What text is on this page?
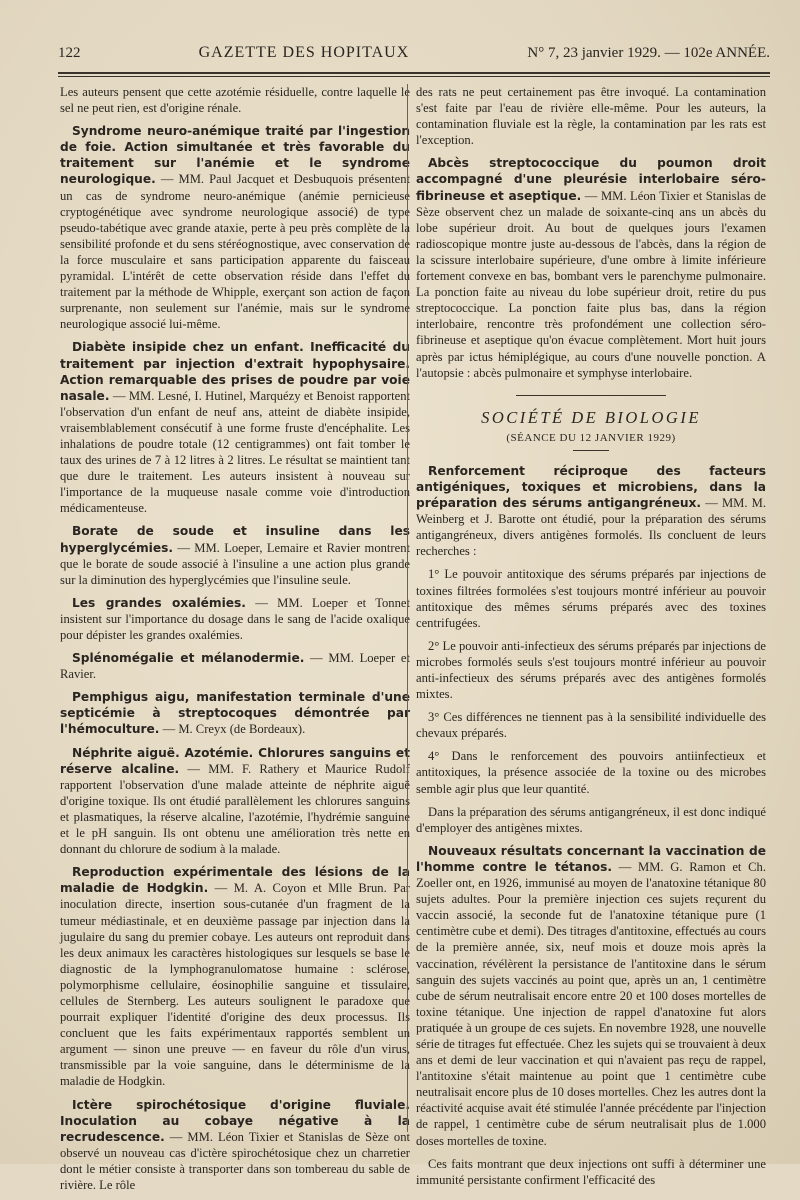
122	GAZETTE DES HOPITAUX	N° 7, 23 janvier 1929. — 102e ANNÉE.

Les auteurs pensent que cette azotémie résiduelle, contre laquelle le sel ne peut rien, est d'origine rénale.

Syndrome neuro-anémique traité par l'ingestion de foie. Action simultanée et très favorable du traitement sur l'anémie et le syndrome neurologique. — MM. Paul Jacquet et Desbuquois présentent un cas de syndrome neuro-anémique (anémie pernicieuse cryptogénétique avec syndrome neurologique associé) de type pseudo-tabétique avec grande ataxie, perte à peu près complète de la sensibilité profonde et du sens stéréognostique, avec conservation de la force musculaire et sans participation apparente du faisceau pyramidal. L'intérêt de cette observation réside dans l'effet du traitement par la méthode de Whipple, exerçant son action de façon surprenante, non seulement sur l'anémie, mais sur le syndrome neurologique associé lui-même.

Diabète insipide chez un enfant. Inefficacité du traitement par injection d'extrait hypophysaire. Action remarquable des prises de poudre par voie nasale. — MM. Lesné, I. Hutinel, Marquézy et Benoist rapportent l'observation d'un enfant de neuf ans, atteint de diabète insipide, vraisemblablement consécutif à une forme fruste d'encéphalite. Les inhalations de poudre totale (12 centigrammes) ont fait tomber le taux des urines de 7 à 12 litres à 2 litres. Le résultat se maintient tant que dure le traitement. Les auteurs insistent à nouveau sur l'importance de la muqueuse nasale comme voie d'introduction médicamenteuse.

Borate de soude et insuline dans les hyperglycémies. — MM. Loeper, Lemaire et Ravier montrent que le borate de soude associé à l'insuline a une action plus grande sur la diminution des hyperglycémies que l'insuline seule.

Les grandes oxalémies. — MM. Loeper et Tonnet insistent sur l'importance du dosage dans le sang de l'acide oxalique pour dépister les grandes oxalémies.

Splénomégalie et mélanodermie. — MM. Loeper et Ravier.

Pemphigus aigu, manifestation terminale d'une septicémie à streptocoques démontrée par l'hémoculture. — M. Creyx (de Bordeaux).

Néphrite aiguë. Azotémie. Chlorures sanguins et réserve alcaline. — MM. F. Rathery et Maurice Rudolf rapportent l'observation d'une malade atteinte de néphrite aiguë d'origine toxique. Ils ont étudié parallèlement les chlorures sanguins et plasmatiques, la réserve alcaline, l'azotémie, l'hydrémie sanguine et le pH sanguin. Ils ont obtenu une amélioration très nette en donnant du chlorure de sodium à la malade.

Reproduction expérimentale des lésions de la maladie de Hodgkin. — M. A. Coyon et Mlle Brun. Par inoculation directe, insertion sous-cutanée d'un fragment de la tumeur médiastinale, et en deuxième passage par injection dans la jugulaire du sang du premier cobaye. Les auteurs ont reproduit dans les deux animaux les caractères histologiques sur lesquels se base le diagnostic de la lymphogranulomatose humaine : sclérose, polymorphisme cellulaire, éosinophilie sanguine et tissulaire, cellules de Sternberg. Les auteurs soulignent le paradoxe que pourrait expliquer l'identité d'origine des deux processus. Ils concluent que les faits expérimentaux rapportés semblent un argument — sinon une preuve — en faveur du rôle d'un virus, transmissible par la voie sanguine, dans le déterminisme de la maladie de Hodgkin.

Ictère spirochétosique d'origine fluviale. Inoculation au cobaye négative à la recrudescence. — MM. Léon Tixier et Stanislas de Sèze ont observé un nouveau cas d'ictère spirochétosique chez un charretier dont le métier consiste à transporter dans son tombereau du sable de rivière. Le rôle

des rats ne peut certainement pas être invoqué. La contamination s'est faite par l'eau de rivière elle-même. Pour les auteurs, la contamination fluviale est la règle, la contamination par les rats est l'exception.

Abcès streptococcique du poumon droit accompagné d'une pleurésie interlobaire séro-fibrineuse et aseptique. — MM. Léon Tixier et Stanislas de Sèze observent chez un malade de soixante-cinq ans un abcès du lobe supérieur droit. Au bout de quelques jours l'examen radioscopique montre juste au-dessous de l'abcès, dans la région de la scissure interlobaire supérieure, d'une ombre à limite inférieure fortement convexe en bas, bombant vers le parenchyme pulmonaire. La ponction faite au niveau du lobe supérieur droit, retire du pus streptococcique. La ponction faite plus bas, dans la région interlobaire, rencontre très profondément une collection séro-fibrineuse et aseptique qu'on évacue complètement. Mort huit jours après par ictus hémiplégique, au cours d'une nouvelle ponction. A l'autopsie : abcès pulmonaire et symphyse interlobaire.

SOCIÉTÉ DE BIOLOGIE
(SÉANCE DU 12 JANVIER 1929)

Renforcement réciproque des facteurs antigéniques, toxiques et microbiens, dans la préparation des sérums antigangréneux. — MM. M. Weinberg et J. Barotte ont étudié, pour la préparation des sérums antigangréneux, divers antigènes formolés. Ils concluent de leurs recherches :

1° Le pouvoir antitoxique des sérums préparés par injections de toxines filtrées formolées s'est toujours montré inférieur au pouvoir antitoxique des mêmes sérums préparés avec des toxines centrifugées.

2° Le pouvoir anti-infectieux des sérums préparés par injections de microbes formolés seuls s'est toujours montré inférieur au pouvoir anti-infectieux des sérums préparés avec des antigènes formolés mixtes.

3° Ces différences ne tiennent pas à la sensibilité individuelle des chevaux préparés.

4° Dans le renforcement des pouvoirs antiinfectieux et antitoxiques, la présence associée de la toxine ou des microbes semble agir plus que leur quantité.

Dans la préparation des sérums antigangréneux, il est donc indiqué d'employer des antigènes mixtes.

Nouveaux résultats concernant la vaccination de l'homme contre le tétanos. — MM. G. Ramon et Ch. Zoeller ont, en 1926, immunisé au moyen de l'anatoxine tétanique 80 sujets adultes. Pour la première injection ces sujets reçurent du vaccin associé, la seconde fut de l'anatoxine tétanique pure (1 centimètre cube et demi). Des titrages d'antitoxine, effectués au cours de la première année, six, neuf mois et douze mois après la vaccination, révélèrent la persistance de l'antitoxine dans le sérum sanguin des sujets vaccinés au point que, après un an, 1 centimètre cube de sérum neutralisait encore entre 20 et 100 doses mortelles de toxine tétanique. Une injection de rappel d'anatoxine fut alors pratiquée à un groupe de ces sujets. En novembre 1928, une nouvelle série de titrages fut effectuée. Chez les sujets qui se trouvaient à deux ans et demi de leur vaccination et qui n'avaient pas reçu de rappel, l'antitoxine s'était maintenue au point que 1 centimètre cube neutralisait encore plus de 10 doses mortelles. Chez les autres dont la réactivité acquise avait été stimulée l'année précédente par l'injection de rappel, 1 centimètre cube de sérum neutralisait plus de 1.000 doses mortelles de toxine.

Ces faits montrant que deux injections ont suffi à déterminer une immunité persistante confirment l'efficacité des
